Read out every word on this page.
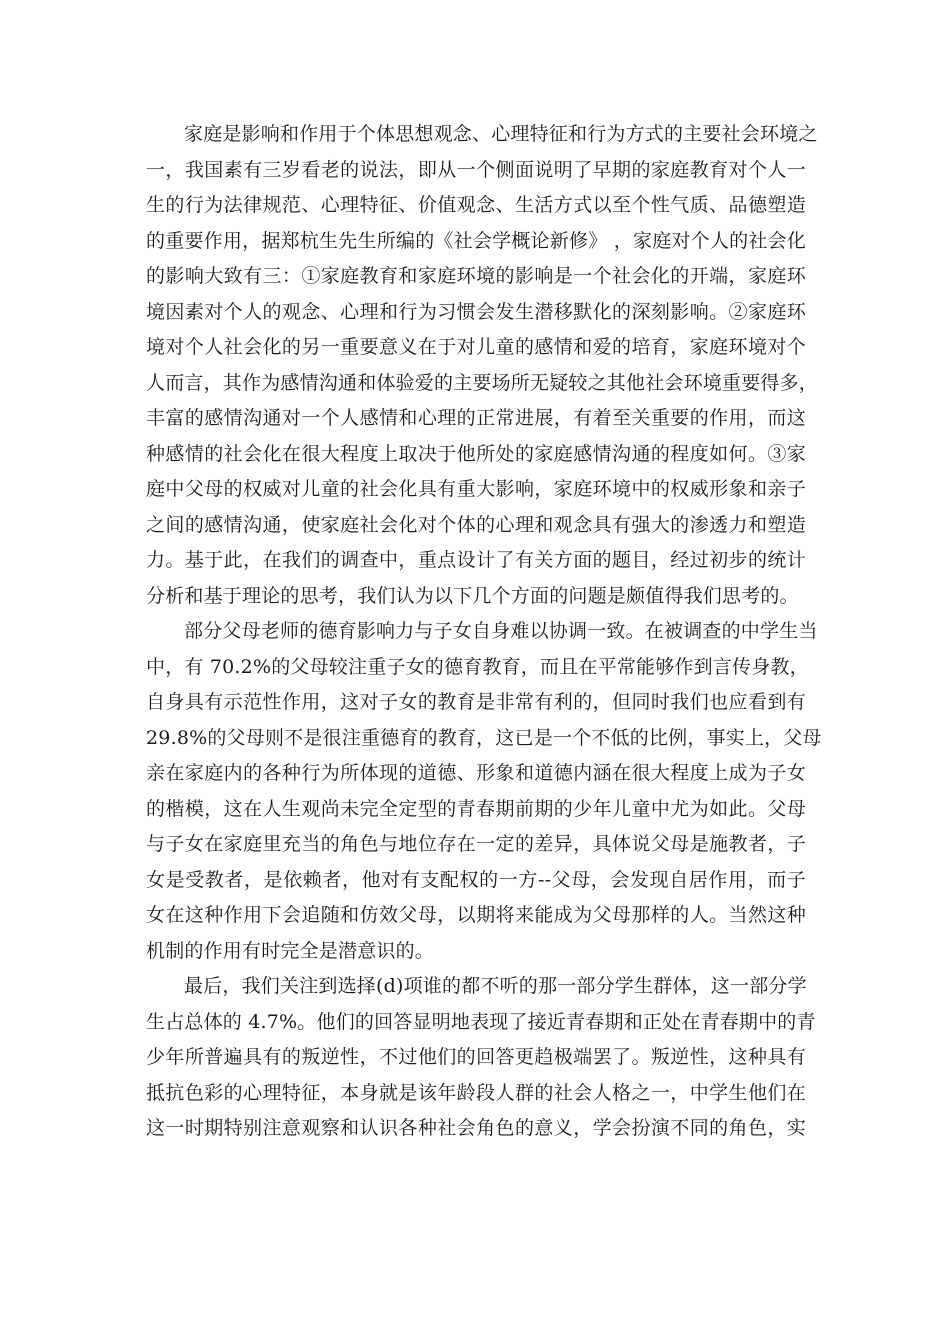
家庭是影响和作用于个体思想观念、心理特征和行为方式的主要社会环境之
一，我国素有三岁看老的说法，即从一个侧面说明了早期的家庭教育对个人一
生的行为法律规范、心理特征、价值观念、生活方式以至个性气质、品德塑造
的重要作用，据郑杭生先生所编的《社会学概论新修》 ，家庭对个人的社会化
的影响大致有三：①家庭教育和家庭环境的影响是一个社会化的开端，家庭环
境因素对个人的观念、心理和行为习惯会发生潜移默化的深刻影响。②家庭环
境对个人社会化的另一重要意义在于对儿童的感情和爱的培育，家庭环境对个
人而言，其作为感情沟通和体验爱的主要场所无疑较之其他社会环境重要得多，
丰富的感情沟通对一个人感情和心理的正常进展，有着至关重要的作用，而这
种感情的社会化在很大程度上取决于他所处的家庭感情沟通的程度如何。③家
庭中父母的权威对儿童的社会化具有重大影响，家庭环境中的权威形象和亲子
之间的感情沟通，使家庭社会化对个体的心理和观念具有强大的渗透力和塑造
力。基于此，在我们的调查中，重点设计了有关方面的题目，经过初步的统计
分析和基于理论的思考，我们认为以下几个方面的问题是颇值得我们思考的。
部分父母老师的德育影响力与子女自身难以协调一致。在被调查的中学生当
中，有 70.2%的父母较注重子女的德育教育，而且在平常能够作到言传身教，
自身具有示范性作用，这对子女的教育是非常有利的，但同时我们也应看到有
29.8%的父母则不是很注重德育的教育，这已是一个不低的比例，事实上，父母
亲在家庭内的各种行为所体现的道德、形象和道德内涵在很大程度上成为子女
的楷模，这在人生观尚未完全定型的青春期前期的少年儿童中尤为如此。父母
与子女在家庭里充当的角色与地位存在一定的差异，具体说父母是施教者，子
女是受教者，是依赖者，他对有支配权的一方--父母，会发现自居作用，而子
女在这种作用下会追随和仿效父母，以期将来能成为父母那样的人。当然这种
机制的作用有时完全是潜意识的。
最后，我们关注到选择(d)项谁的都不听的那一部分学生群体，这一部分学
生占总体的 4.7%。他们的回答显明地表现了接近青春期和正处在青春期中的青
少年所普遍具有的叛逆性，不过他们的回答更趋极端罢了。叛逆性，这种具有
抵抗色彩的心理特征，本身就是该年龄段人群的社会人格之一，中学生他们在
这一时期特别注意观察和认识各种社会角色的意义，学会扮演不同的角色，实
